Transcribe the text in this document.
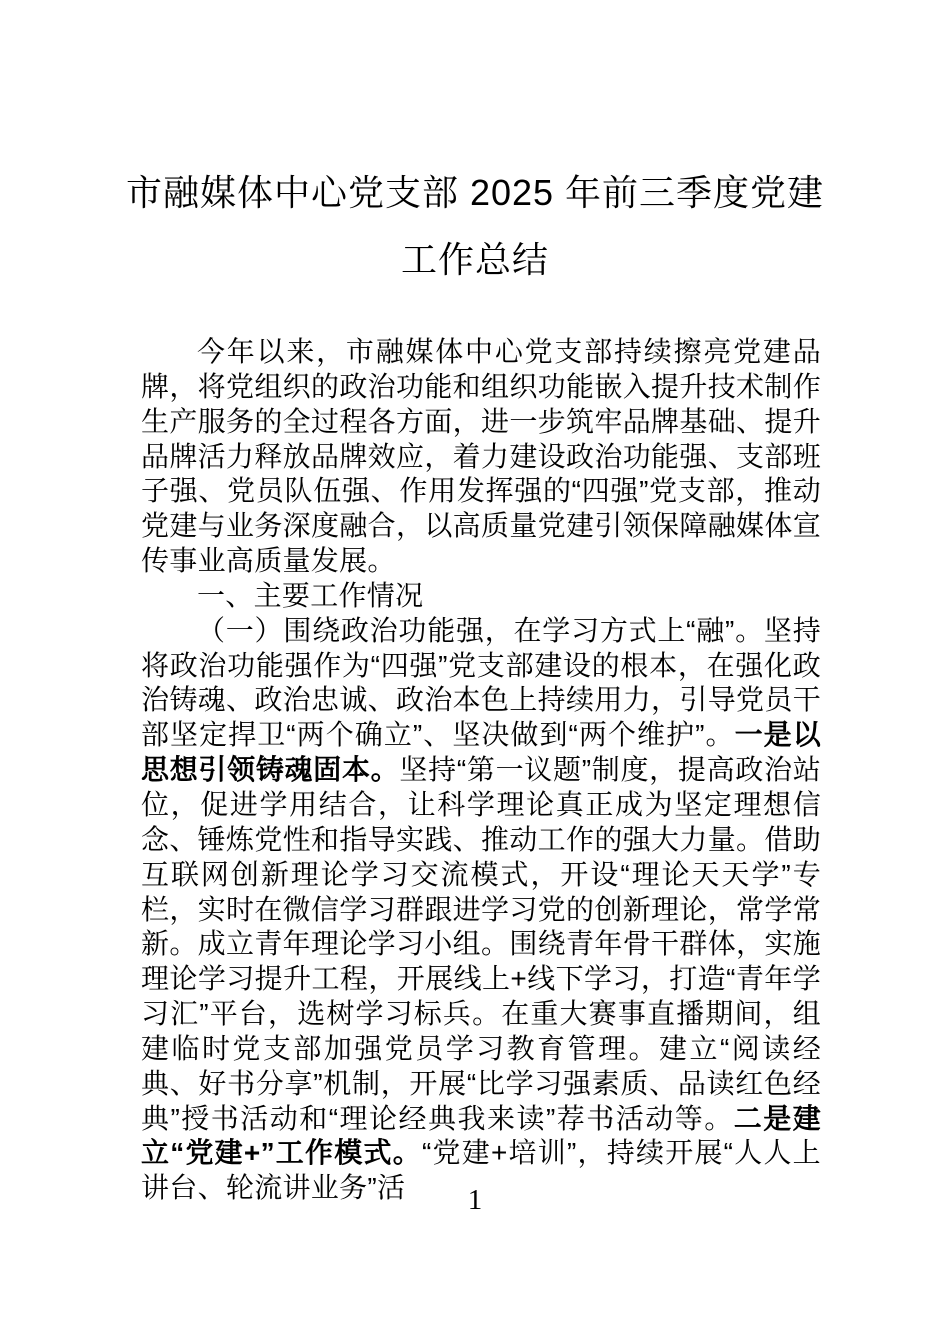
市融媒体中心党支部 2025 年前三季度党建
工作总结

今年以来，市融媒体中心党支部持续擦亮党建品牌，将党组织的政治功能和组织功能嵌入提升技术制作生产服务的全过程各方面，进一步筑牢品牌基础、提升品牌活力释放品牌效应，着力建设政治功能强、支部班子强、党员队伍强、作用发挥强的“四强”党支部，推动党建与业务深度融合，以高质量党建引领保障融媒体宣传事业高质量发展。

一、主要工作情况

（一）围绕政治功能强，在学习方式上“融”。坚持将政治功能强作为“四强”党支部建设的根本，在强化政治铸魂、政治忠诚、政治本色上持续用力，引导党员干部坚定捍卫“两个确立”、坚决做到“两个维护”。一是以思想引领铸魂固本。坚持“第一议题”制度，提高政治站位，促进学用结合，让科学理论真正成为坚定理想信念、锤炼党性和指导实践、推动工作的强大力量。借助互联网创新理论学习交流模式，开设“理论天天学”专栏，实时在微信学习群跟进学习党的创新理论，常学常新。成立青年理论学习小组。围绕青年骨干群体，实施理论学习提升工程，开展线上+线下学习，打造“青年学习汇”平台，选树学习标兵。在重大赛事直播期间，组建临时党支部加强党员学习教育管理。建立“阅读经典、好书分享”机制，开展“比学习强素质、品读红色经典”授书活动和“理论经典我来读”荐书活动等。二是建立“党建+”工作模式。“党建+培训”，持续开展“人人上讲台、轮流讲业务”活	1
